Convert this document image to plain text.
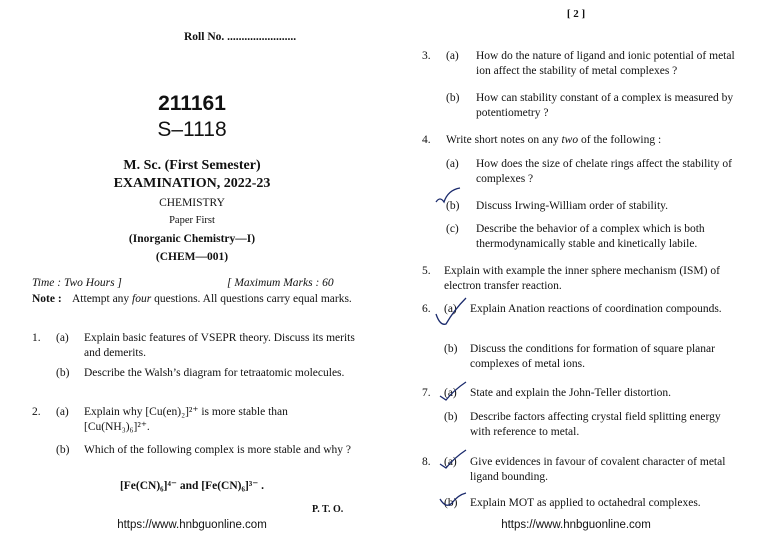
Roll No. ........................
211161
S–1118
M. Sc. (First Semester)
EXAMINATION, 2022-23
CHEMISTRY
Paper First
(Inorganic Chemistry—I)
(CHEM—001)
Time : Two Hours ]	[ Maximum Marks : 60
Note : Attempt any four questions. All questions carry equal marks.
1. (a) Explain basic features of VSEPR theory. Discuss its merits and demerits.
(b) Describe the Walsh’s diagram for tetraatomic molecules.
2. (a) Explain why [Cu(en)₂]²⁺ is more stable than
[Cu(NH₃)₆]²⁺.
(b) Which of the following complex is more stable and why ?
[Fe(CN)₆]⁴⁻ and [Fe(CN)₆]³⁻ .
P. T. O.
https://www.hnbguonline.com
[ 2 ]
3. (a) How do the nature of ligand and ionic potential of metal ion affect the stability of metal complexes ?
(b) How can stability constant of a complex is measured by potentiometry ?
4. Write short notes on any two of the following :
(a) How does the size of chelate rings affect the stability of complexes ?
(b) Discuss Irwing-William order of stability.
(c) Describe the behavior of a complex which is both thermodynamically stable and kinetically labile.
5. Explain with example the inner sphere mechanism (ISM) of electron transfer reaction.
6. (a) Explain Anation reactions of coordination compounds.
(b) Discuss the conditions for formation of square planar complexes of metal ions.
7. (a) State and explain the John-Teller distortion.
(b) Describe factors affecting crystal field splitting energy with reference to metal.
8. (a) Give evidences in favour of covalent character of metal ligand bounding.
(b) Explain MOT as applied to octahedral complexes.
https://www.hnbguonline.com
